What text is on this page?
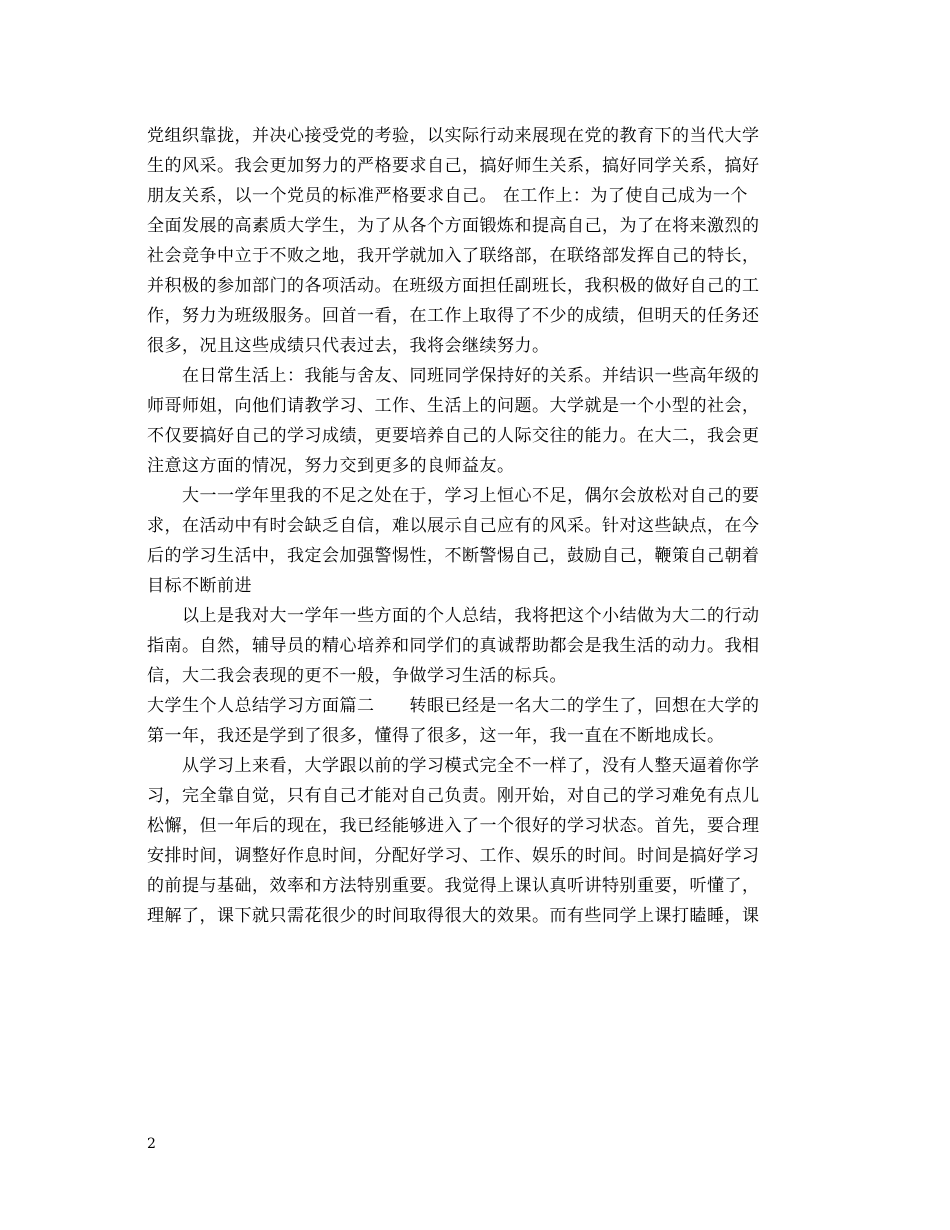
党组织靠拢，并决心接受党的考验，以实际行动来展现在党的教育下的当代大学
生的风采。我会更加努力的严格要求自己，搞好师生关系，搞好同学关系，搞好
朋友关系，以一个党员的标准严格要求自己。 在工作上：为了使自己成为一个
全面发展的高素质大学生，为了从各个方面锻炼和提高自己，为了在将来激烈的
社会竞争中立于不败之地，我开学就加入了联络部，在联络部发挥自己的特长，
并积极的参加部门的各项活动。在班级方面担任副班长，我积极的做好自己的工
作，努力为班级服务。回首一看，在工作上取得了不少的成绩，但明天的任务还
很多，况且这些成绩只代表过去，我将会继续努力。
　　在日常生活上：我能与舍友、同班同学保持好的关系。并结识一些高年级的
师哥师姐，向他们请教学习、工作、生活上的问题。大学就是一个小型的社会，
不仅要搞好自己的学习成绩，更要培养自己的人际交往的能力。在大二，我会更
注意这方面的情况，努力交到更多的良师益友。
　　大一一学年里我的不足之处在于，学习上恒心不足，偶尔会放松对自己的要
求，在活动中有时会缺乏自信，难以展示自己应有的风采。针对这些缺点，在今
后的学习生活中，我定会加强警惕性，不断警惕自己，鼓励自己，鞭策自己朝着
目标不断前进
　　以上是我对大一学年一些方面的个人总结，我将把这个小结做为大二的行动
指南。自然，辅导员的精心培养和同学们的真诚帮助都会是我生活的动力。我相
信，大二我会表现的更不一般，争做学习生活的标兵。
大学生个人总结学习方面篇二　　转眼已经是一名大二的学生了，回想在大学的
第一年，我还是学到了很多，懂得了很多，这一年，我一直在不断地成长。
　　从学习上来看，大学跟以前的学习模式完全不一样了，没有人整天逼着你学
习，完全靠自觉，只有自己才能对自己负责。刚开始，对自己的学习难免有点儿
松懈，但一年后的现在，我已经能够进入了一个很好的学习状态。首先，要合理
安排时间，调整好作息时间，分配好学习、工作、娱乐的时间。时间是搞好学习
的前提与基础，效率和方法特别重要。我觉得上课认真听讲特别重要，听懂了，
理解了，课下就只需花很少的时间取得很大的效果。而有些同学上课打瞌睡，课
2
